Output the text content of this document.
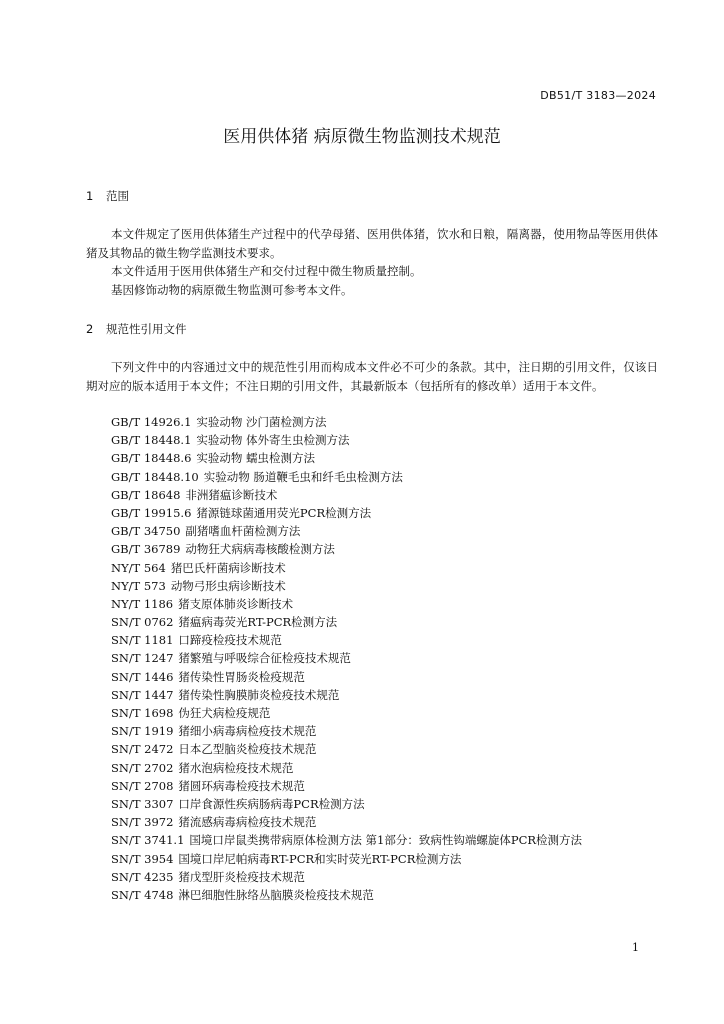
DB51/T 3183—2024
医用供体猪 病原微生物监测技术规范
1 范围

本文件规定了医用供体猪生产过程中的代孕母猪、医用供体猪，饮水和日粮，隔离器，使用物品等医用供体猪及其物品的微生物学监测技术要求。

本文件适用于医用供体猪生产和交付过程中微生物质量控制。

基因修饰动物的病原微生物监测可参考本文件。

2 规范性引用文件

下列文件中的内容通过文中的规范性引用而构成本文件必不可少的条款。其中，注日期的引用文件，仅该日期对应的版本适用于本文件；不注日期的引用文件，其最新版本（包括所有的修改单）适用于本文件。

GB/T 14926.1 实验动物 沙门菌检测方法
GB/T 18448.1 实验动物 体外寄生虫检测方法
GB/T 18448.6 实验动物 蠕虫检测方法
GB/T 18448.10 实验动物 肠道鞭毛虫和纤毛虫检测方法
GB/T 18648 非洲猪瘟诊断技术
GB/T 19915.6 猪源链球菌通用荧光PCR检测方法
GB/T 34750 副猪嗜血杆菌检测方法
GB/T 36789 动物狂犬病病毒核酸检测方法
NY/T 564 猪巴氏杆菌病诊断技术
NY/T 573 动物弓形虫病诊断技术
NY/T 1186 猪支原体肺炎诊断技术
SN/T 0762 猪瘟病毒荧光RT-PCR检测方法
SN/T 1181 口蹄疫检疫技术规范
SN/T 1247 猪繁殖与呼吸综合征检疫技术规范
SN/T 1446 猪传染性胃肠炎检疫规范
SN/T 1447 猪传染性胸膜肺炎检疫技术规范
SN/T 1698 伪狂犬病检疫规范
SN/T 1919 猪细小病毒病检疫技术规范
SN/T 2472 日本乙型脑炎检疫技术规范
SN/T 2702 猪水泡病检疫技术规范
SN/T 2708 猪圆环病毒检疫技术规范
SN/T 3307 口岸食源性疾病肠病毒PCR检测方法
SN/T 3972 猪流感病毒病检疫技术规范
SN/T 3741.1 国境口岸鼠类携带病原体检测方法 第1部分：致病性钩端螺旋体PCR检测方法
SN/T 3954 国境口岸尼帕病毒RT-PCR和实时荧光RT-PCR检测方法
SN/T 4235 猪戊型肝炎检疫技术规范
SN/T 4748 淋巴细胞性脉络丛脑膜炎检疫技术规范
1
